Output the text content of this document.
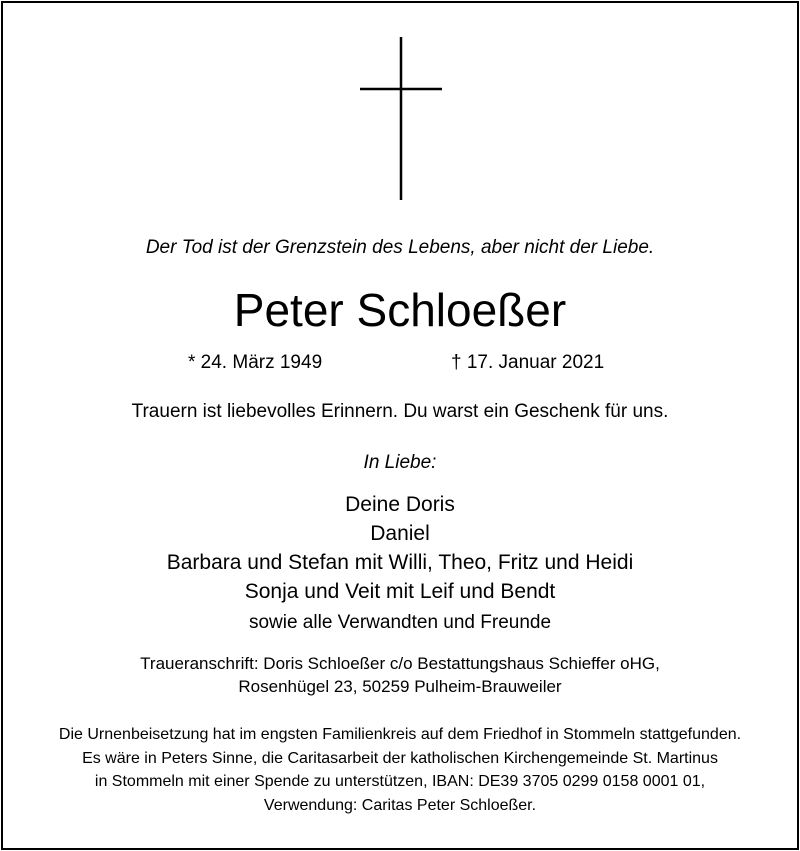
Der Tod ist der Grenzstein des Lebens, aber nicht der Liebe.
Peter Schloeßer
* 24. März 1949	† 17. Januar 2021
Trauern ist liebevolles Erinnern. Du warst ein Geschenk für uns.
In Liebe:
Deine Doris
Daniel
Barbara und Stefan mit Willi, Theo, Fritz und Heidi
Sonja und Veit mit Leif und Bendt
sowie alle Verwandten und Freunde
Traueranschrift: Doris Schloeßer c/o Bestattungshaus Schieffer oHG,
Rosenhügel 23, 50259 Pulheim-Brauweiler
Die Urnenbeisetzung hat im engsten Familienkreis auf dem Friedhof in Stommeln stattgefunden.
Es wäre in Peters Sinne, die Caritasarbeit der katholischen Kirchengemeinde St. Martinus
in Stommeln mit einer Spende zu unterstützen, IBAN: DE39 3705 0299 0158 0001 01,
Verwendung: Caritas Peter Schloeßer.
